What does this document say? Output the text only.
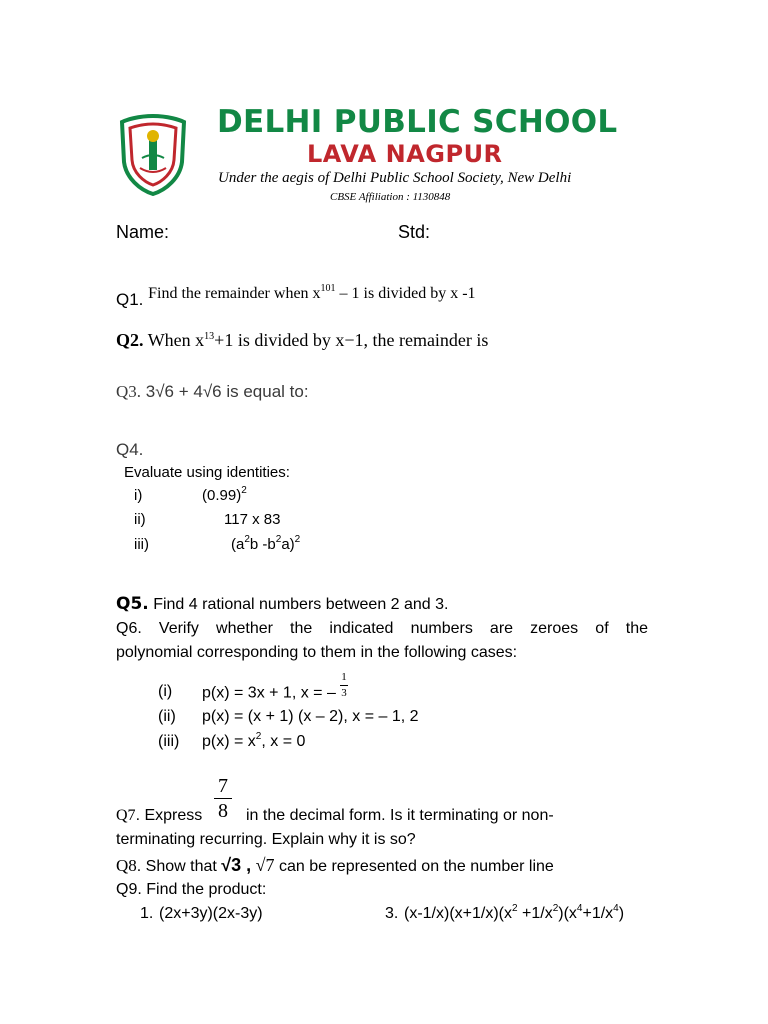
DELHI PUBLIC SCHOOL
LAVA NAGPUR
Under the aegis of Delhi Public School Society, New Delhi
CBSE Affiliation : 1130848
Name:	Std:
Q1. Find the remainder when $x^{101} - 1$ is divided by x -1
Q2. When $x^{13}+1$ is divided by x−1, the remainder is
Q3. 3√6 + 4√6 is equal to:
Q4.
Evaluate using identities:
i)	$(0.99)^2$
ii)	117 x 83
iii)	($a^2b$ $-b^2a)^2$
Q5. Find 4 rational numbers between 2 and 3.
Q6. Verify whether the indicated numbers are zeroes of the
polynomial corresponding to them in the following cases:
(i) p(x) = 3x + 1, x = – $\frac{1}{3}$
(ii) p(x) = (x + 1) (x – 2), x = – 1, 2
(iii) $p(x) = x^2$, x = 0
$\frac{7}{8}$
Q7. Express	in the decimal form. Is it terminating or non-
terminating recurring. Explain why it is so?
Q8. Show that √3 , √7 can be represented on the number line
Q9. Find the product:
1. (2x+3y)(2x-3y)	3. $(x-1/x)(x+1/x)(x^2 +1/x^2)(x^4+1/x^4)$
